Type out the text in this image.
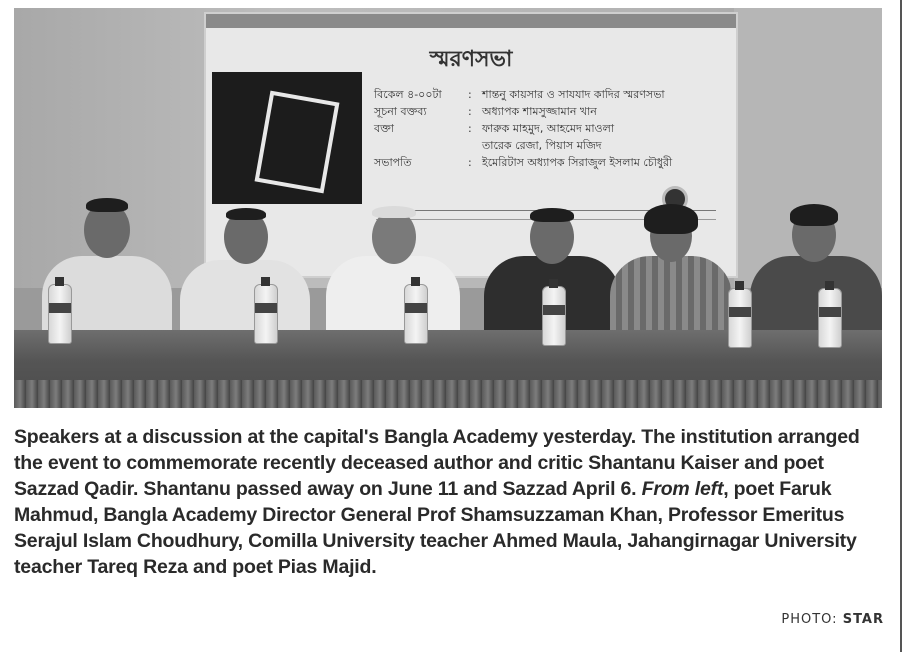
স্মরণসভা
বিকেল ৪-০০টা	: শান্তনু কায়সার ও সাযযাদ কাদির স্মরণসভা
সূচনা বক্তব্য	: অধ্যাপক শামসুজ্জামান খান
বক্তা	: ফারুক মাহমুদ, আহমেদ মাওলা
তারেক রেজা, পিয়াস মজিদ
সভাপতি	: ইমেরিটাস অধ্যাপক সিরাজুল ইসলাম চৌধুরী

Speakers at a discussion at the capital's Bangla Academy yesterday. The institution arranged the event to commemorate recently deceased author and critic Shantanu Kaiser and poet Sazzad Qadir. Shantanu passed away on June 11 and Sazzad April 6. From left, poet Faruk Mahmud, Bangla Academy Director General Prof Shamsuzzaman Khan, Professor Emeritus Serajul Islam Choudhury, Comilla University teacher Ahmed Maula, Jahangirnagar University teacher Tareq Reza and poet Pias Majid.

PHOTO: STAR
